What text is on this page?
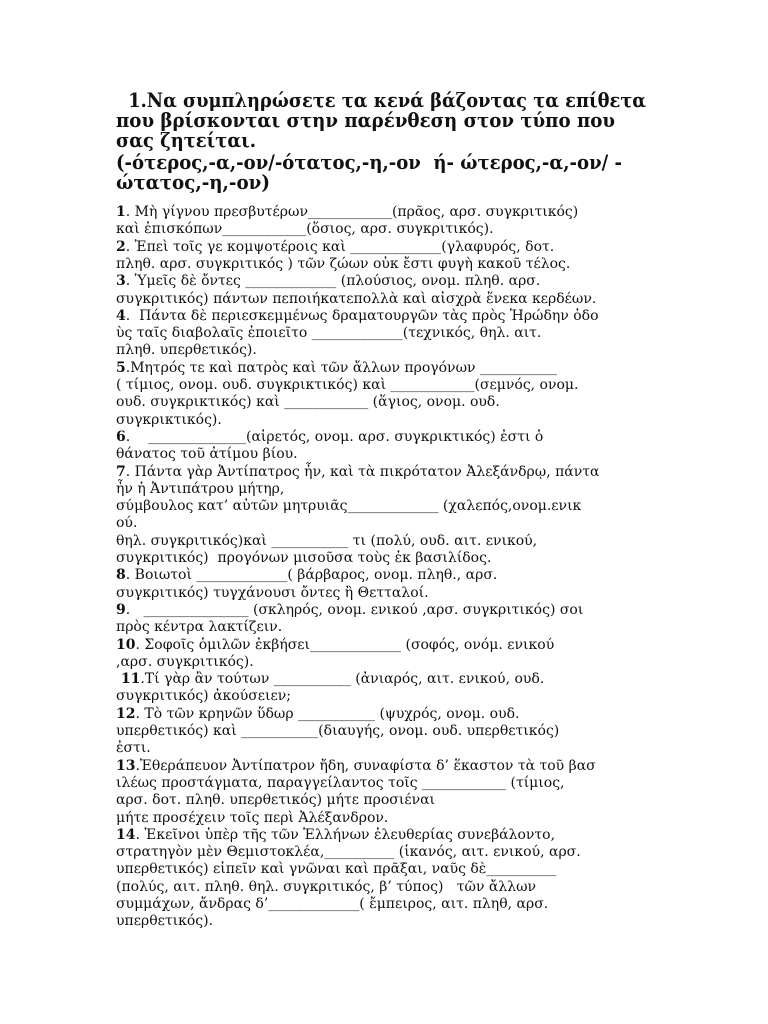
1.Να συμπληρώσετε τα κενά βάζοντας τα επίθετα
που βρίσκονται στην παρένθεση στον τύπο που
σας ζητείται.
(-ότερος,-α,-ον/-ότατος,-η,-ον  ή- ώτερος,-α,-ον/ -
ώτατος,-η,-ον)
1. Μὴ γίγνου πρεσβυτέρων____________(πρᾶος, αρσ. συγκριτικός)
καὶ ἐπισκόπων____________(ὅσιος, αρσ. συγκριτικός).
2. Ἐπεὶ τοῖς γε κομψοτέροις καὶ _____________(γλαφυρός, δοτ.
πληθ. αρσ. συγκριτικός ) τῶν ζώων οὐκ ἔστι φυγὴ κακοῦ τέλος.
3. Ὑμεῖς δὲ ὄντες _____________ (πλούσιος, ονομ. πληθ. αρσ.
συγκριτικός) πάντων πεποιήκατεπολλὰ καὶ αἰσχρὰ ἕνεκα κερδέων.
4.  Πάντα δὲ περιεσκεμμένως δραματουργῶν τὰς πρὸς Ἡρώδην ὁδο
ὺς ταῖς διαβολαῖς ἐποιεῖτο _____________(τεχνικός, θηλ. αιτ.
πληθ. υπερθετικός).
5.Μητρός τε καὶ πατρὸς καὶ τῶν ἄλλων προγόνων ___________
( τίμιος, ονομ. ουδ. συγκρικτικός) καὶ ____________(σεμνός, ονομ.
ουδ. συγκρικτικός) καὶ ____________ (ἅγιος, ονομ. ουδ.
συγκρικτικός).
6.    ______________(αἱρετός, ονομ. αρσ. συγκρικτικός) ἐστι ὁ
θάνατος τοῦ ἀτίμου βίου.
7. Πάντα γὰρ Ἀντίπατρος ἦν, καὶ τὰ πικρότατον Ἀλεξάνδρῳ, πάντα
ἦν ἡ Ἀντιπάτρου μήτηρ,
σύμβουλος κατ’ αὐτῶν μητρυιᾶς_____________ (χαλεπός,ονομ.ενικ
ού.
θηλ. συγκριτικός)καὶ ___________ τι (πολύ, ουδ. αιτ. ενικού,
συγκριτικός)  προγόνων μισοῦσα τοὺς ἐκ βασιλίδος.
8. Βοιωτοὶ _____________( βάρβαρος, ονομ. πληθ., αρσ.
συγκριτικός) τυγχάνουσι ὄντες ἢ Θετταλοί.
9.   _______________ (σκληρός, ονομ. ενικού ,αρσ. συγκριτικός) σοι
πρὸς κέντρα λακτίζειν.
10. Σοφοῖς ὁμιλῶν ἐκβήσει_____________ (σοφός, ονόμ. ενικού
,αρσ. συγκριτικός).
11.Τί γὰρ ἂν τούτων ___________ (ἀνιαρός, αιτ. ενικού, ουδ.
συγκριτικός) ἀκούσειεν;
12. Τὸ τῶν κρηνῶν ὕδωρ ___________ (ψυχρός, ονομ. ουδ.
υπερθετικός) καὶ ___________(διαυγής, ονομ. ουδ. υπερθετικός)
ἐστι.
13.Ἐθεράπευον Ἀντίπατρον ἤδη, συναφίστα δ’ ἕκαστον τὰ τοῦ βασ
ιλέως προστάγματα, παραγγείλαντος τοῖς ____________ (τίμιος,
αρσ. δοτ. πληθ. υπερθετικός) μήτε προσιέναι
μήτε προσέχειν τοῖς περὶ Ἀλέξανδρον.
14. Ἐκεῖνοι ὑπὲρ τῆς τῶν Ἑλλήνων ἐλευθερίας συνεβάλοντο,
στρατηγὸν μὲν Θεμιστοκλέα,__________ (ἱκανός, αιτ. ενικού, αρσ.
υπερθετικός) εἰπεῖν καὶ γνῶναι καὶ πρᾶξαι, ναῦς δὲ__________
(πολύς, αιτ. πληθ. θηλ. συγκριτικός, β’ τύπος)   τῶν ἄλλων
συμμάχων, ἄνδρας δ’_____________( ἔμπειρος, αιτ. πληθ, αρσ.
υπερθετικός).
